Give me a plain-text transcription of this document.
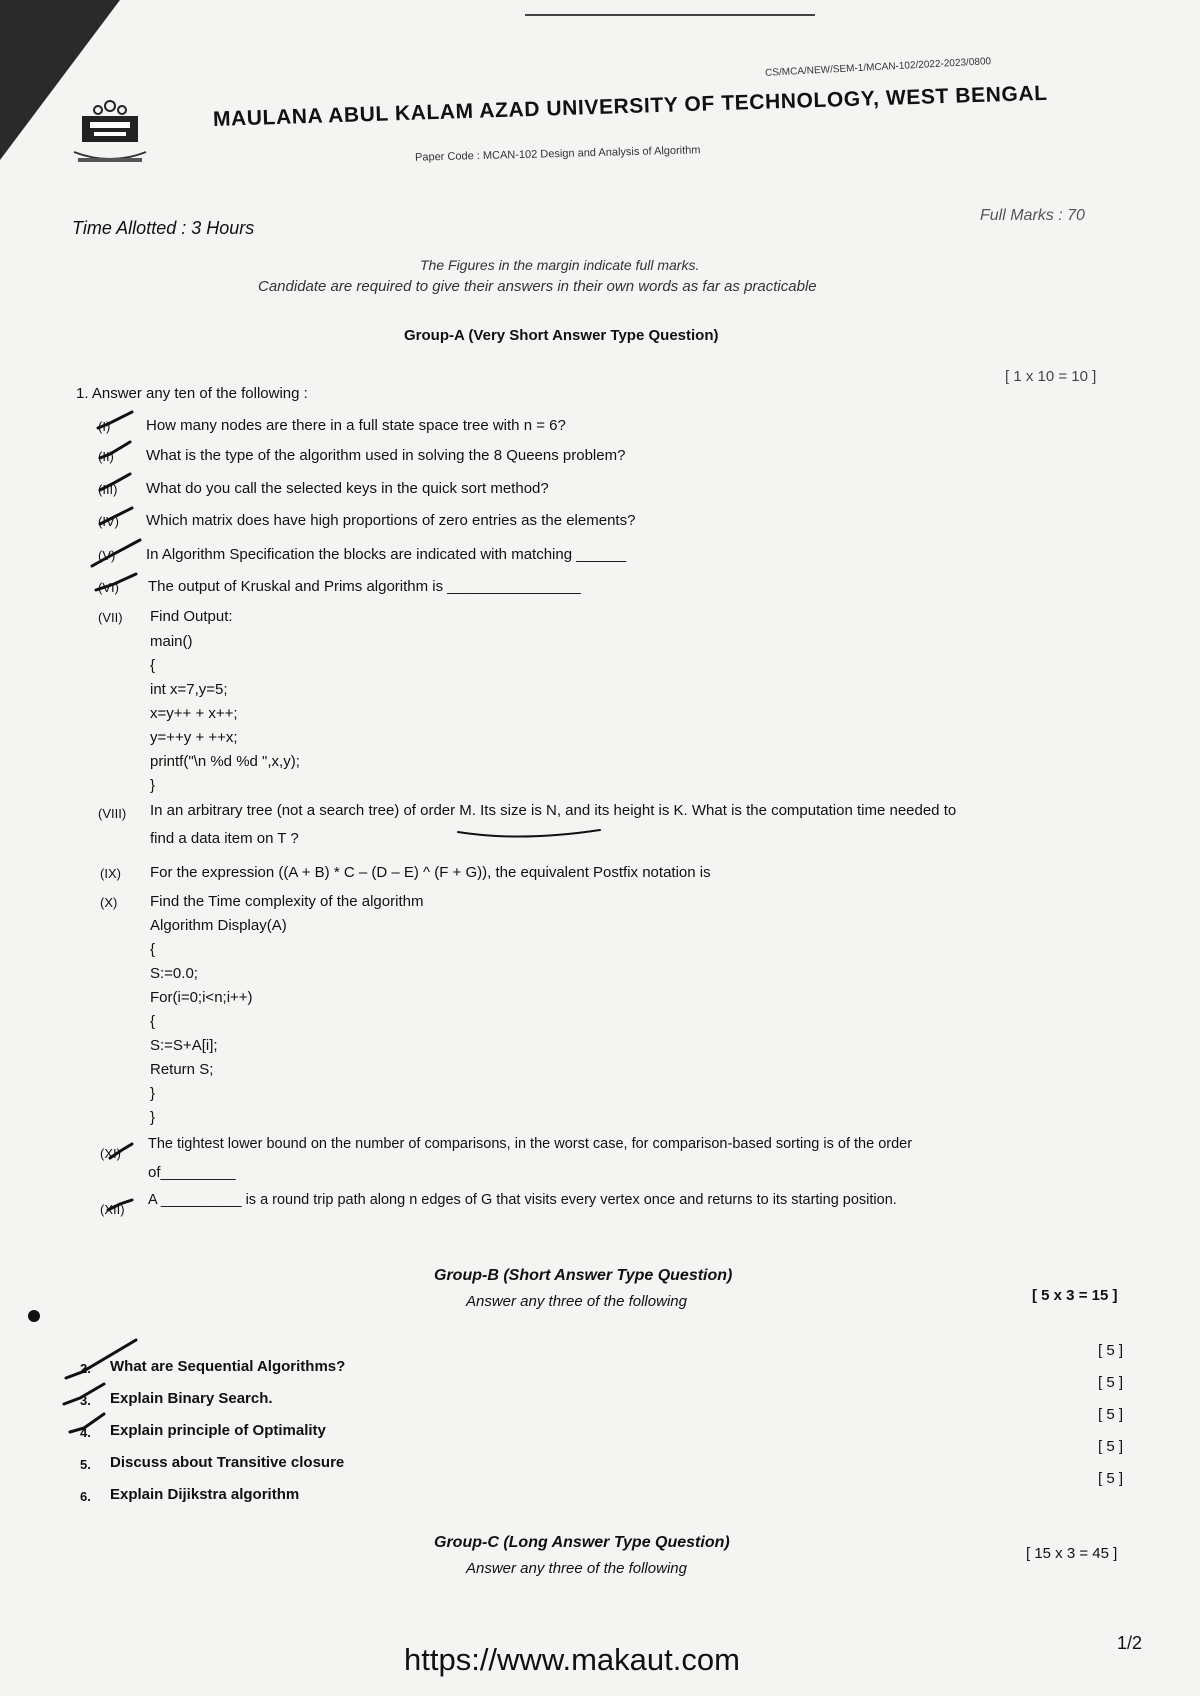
CS/MCA/NEW/SEM-1/MCAN-102/2022-2023/0800
MAULANA ABUL KALAM AZAD UNIVERSITY OF TECHNOLOGY, WEST BENGAL
Paper Code : MCAN-102 Design and Analysis of Algorithm
Time Allotted : 3 Hours
Full Marks : 70
The Figures in the margin indicate full marks.
Candidate are required to give their answers in their own words as far as practicable
Group-A (Very Short Answer Type Question)
[ 1 x 10 = 10 ]
1. Answer any ten of the following :
(I) How many nodes are there in a full state space tree with n = 6?
(II) What is the type of the algorithm used in solving the 8 Queens problem?
(III) What do you call the selected keys in the quick sort method?
(IV) Which matrix does have high proportions of zero entries as the elements?
(V) In Algorithm Specification the blocks are indicated with matching ______
(VI) The output of Kruskal and Prims algorithm is ________________
(VII) Find Output:
main()
{
int x=7,y=5;
x=y++ + x++;
y=++y + ++x;
printf("\n %d %d ",x,y);
}
(VIII) In an arbitrary tree (not a search tree) of order M. Its size is N, and its height is K. What is the computation time needed to
find a data item on T ?
(IX) For the expression ((A + B) * C – (D – E) ^ (F + G)), the equivalent Postfix notation is
(X) Find the Time complexity of the algorithm
Algorithm Display(A)
{
S:=0.0;
For(i=0;i<n;i++)
{
S:=S+A[i];
Return S;
}
}
(XI)
The tightest lower bound on the number of comparisons, in the worst case, for comparison-based sorting is of the order
of_________
(XII)
A __________ is a round trip path along n edges of G that visits every vertex once and returns to its starting position.
Group-B (Short Answer Type Question)
Answer any three of the following	[ 5 x 3 = 15 ]
2. What are Sequential Algorithms?
[ 5 ]
3. Explain Binary Search.
[ 5 ]
4. Explain principle of Optimality
[ 5 ]
5. Discuss about Transitive closure
[ 5 ]
6. Explain Dijikstra algorithm
[ 5 ]
Group-C (Long Answer Type Question)
Answer any three of the following
[ 15 x 3 = 45 ]
https://www.makaut.com	1/2
